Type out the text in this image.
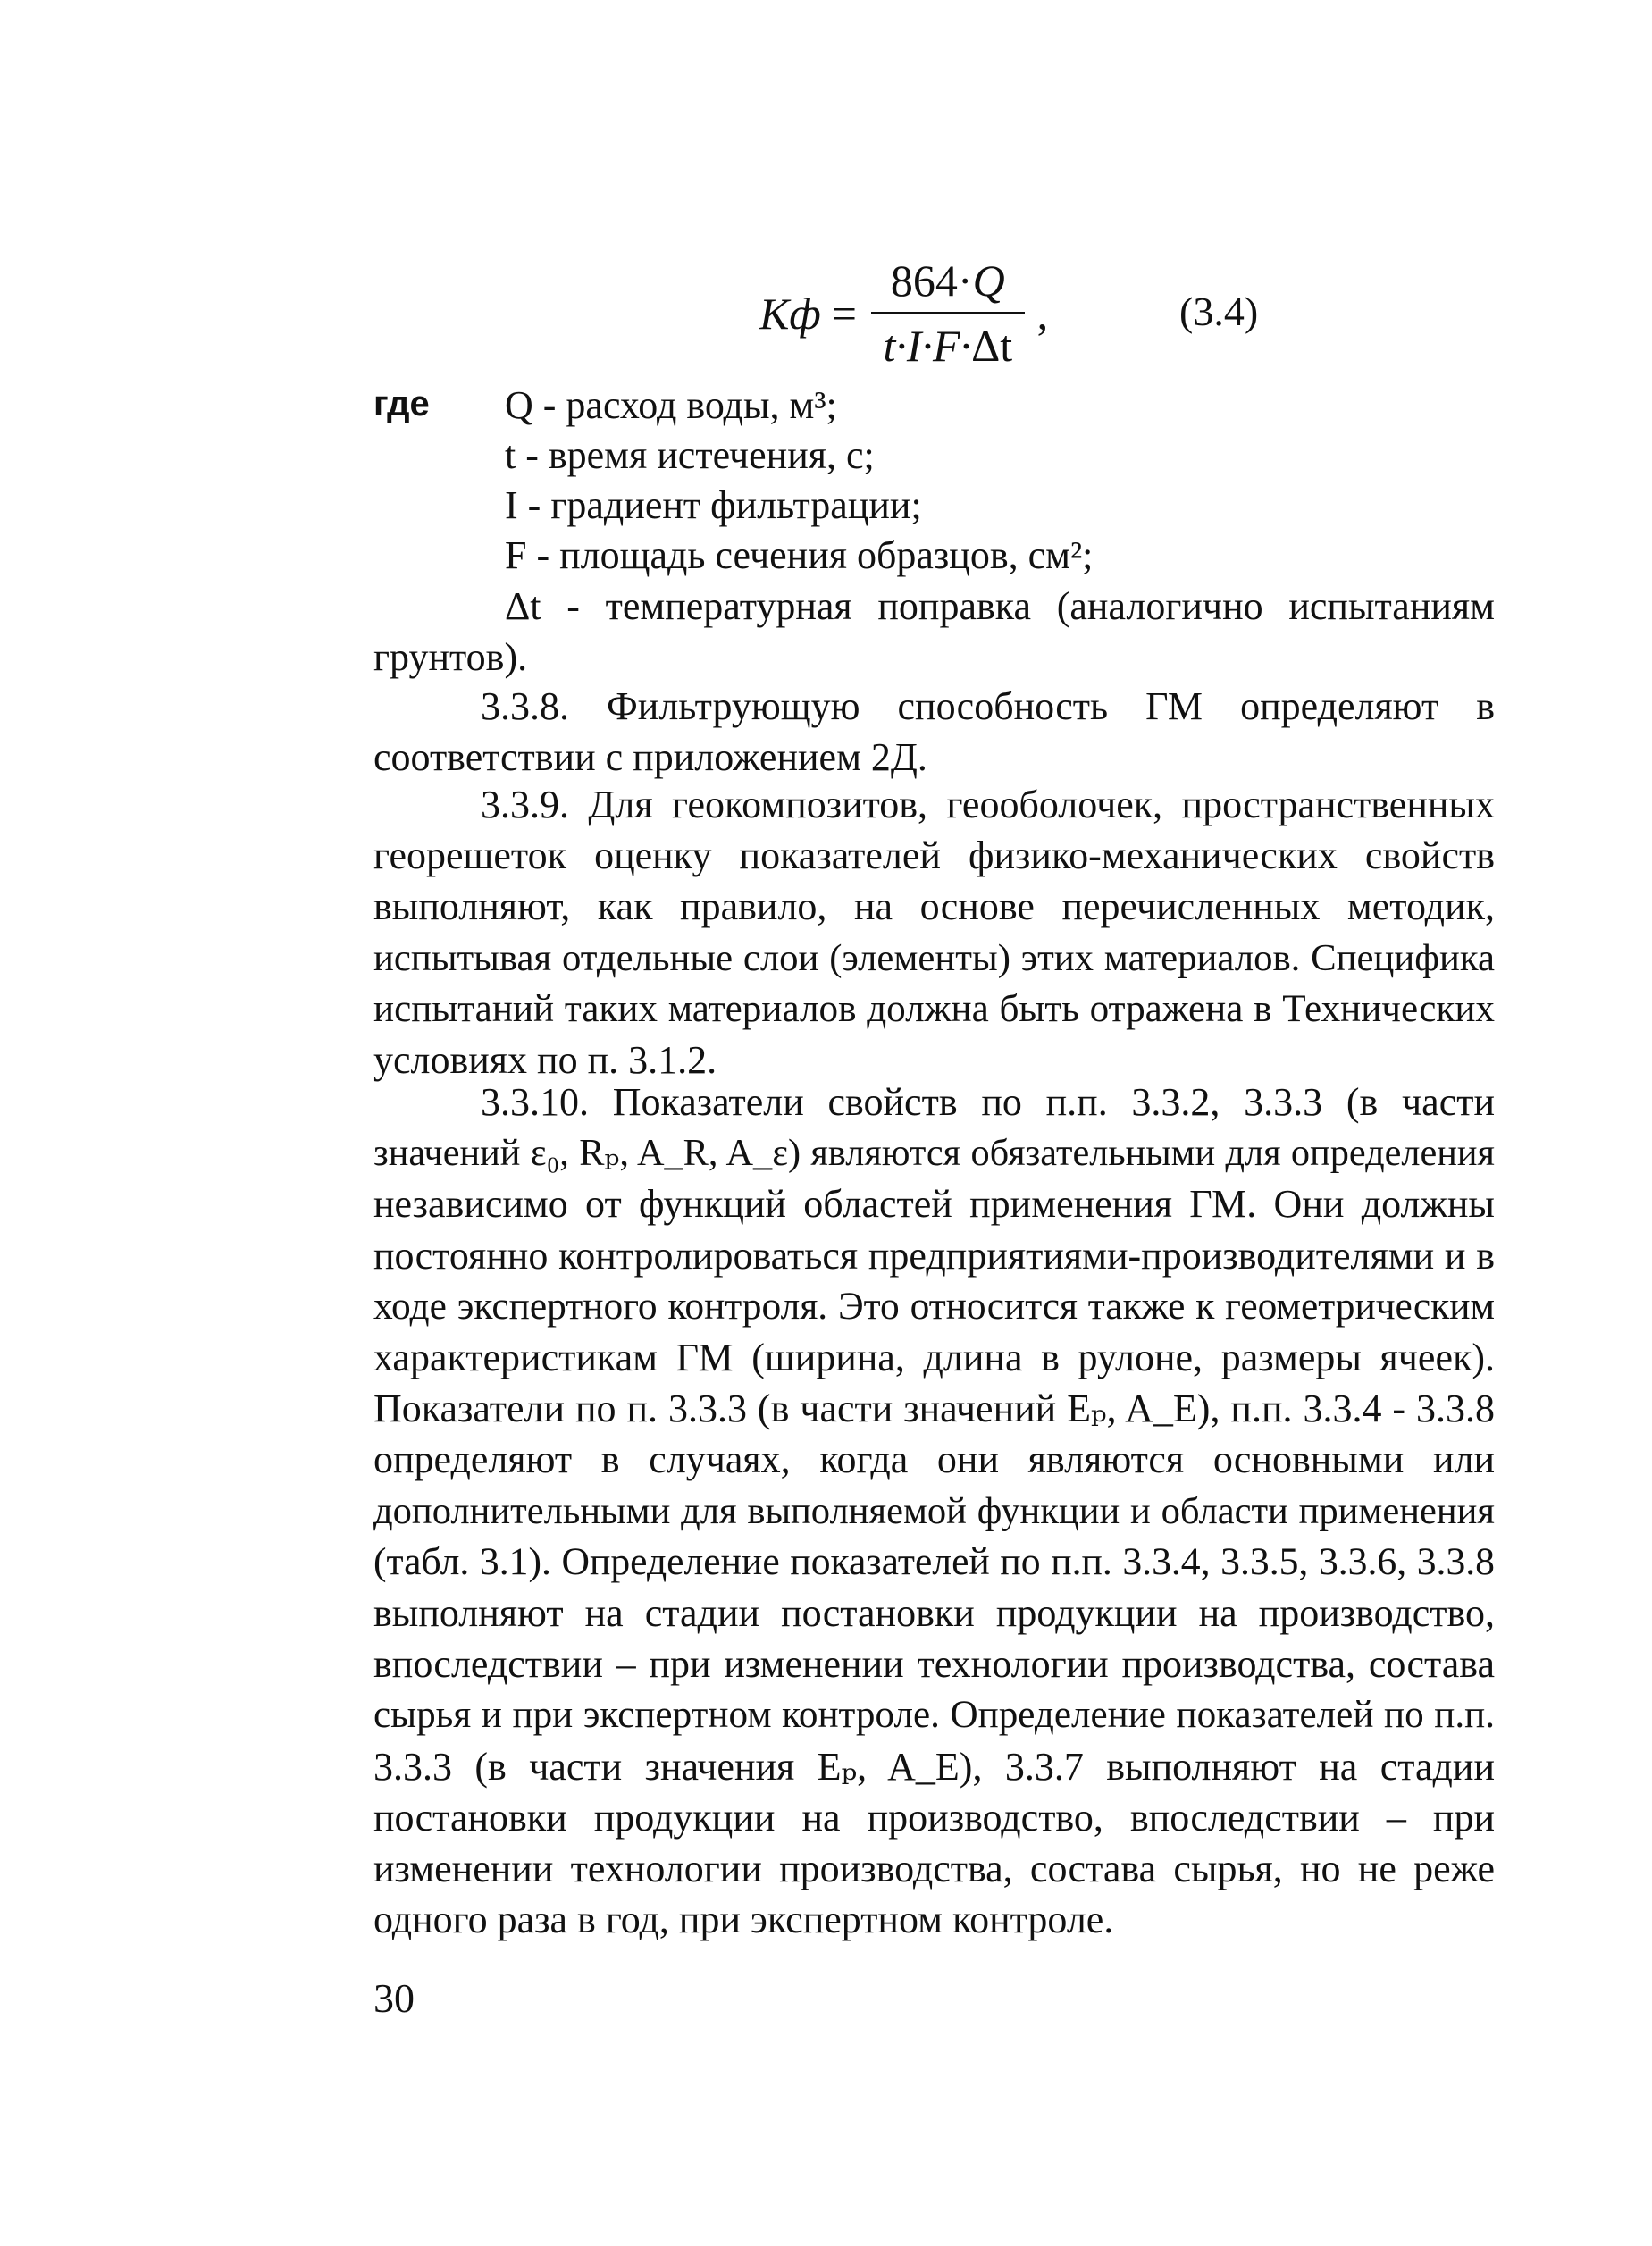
Кф = $\frac{864\cdot Q}{t\cdot I\cdot F\cdot\Delta t}$ ,	(3.4)
где Q - расход воды, м³;
t - время истечения, с;
I - градиент фильтрации;
F - площадь сечения образцов, см²;
Δt - температурная поправка (аналогично испытаниям
грунтов).
3.3.8. Фильтрующую способность ГМ определяют в
соответствии с приложением 2Д.
3.3.9. Для геокомпозитов, геооболочек, пространственных
георешеток оценку показателей физико-механических свойств
выполняют, как правило, на основе перечисленных методик,
испытывая отдельные слои (элементы) этих материалов. Специфика
испытаний таких материалов должна быть отражена в Технических
условиях по п. 3.1.2.
3.3.10. Показатели свойств по п.п. 3.3.2, 3.3.3 (в части
значений ε₀, Rₚ, A_R, A_ε) являются обязательными для определения
независимо от функций областей применения ГМ. Они должны
постоянно контролироваться предприятиями-производителями и в
ходе экспертного контроля. Это относится также к геометрическим
характеристикам ГМ (ширина, длина в рулоне, размеры ячеек).
Показатели по п. 3.3.3 (в части значений Eₚ, A_E), п.п. 3.3.4 - 3.3.8
определяют в случаях, когда они являются основными или
дополнительными для выполняемой функции и области применения
(табл. 3.1). Определение показателей по п.п. 3.3.4, 3.3.5, 3.3.6, 3.3.8
выполняют на стадии постановки продукции на производство,
впоследствии – при изменении технологии производства, состава
сырья и при экспертном контроле. Определение показателей по п.п.
3.3.3 (в части значения Eₚ, A_E), 3.3.7 выполняют на стадии
постановки продукции на производство, впоследствии – при
изменении технологии производства, состава сырья, но не реже
одного раза в год, при экспертном контроле.
30
